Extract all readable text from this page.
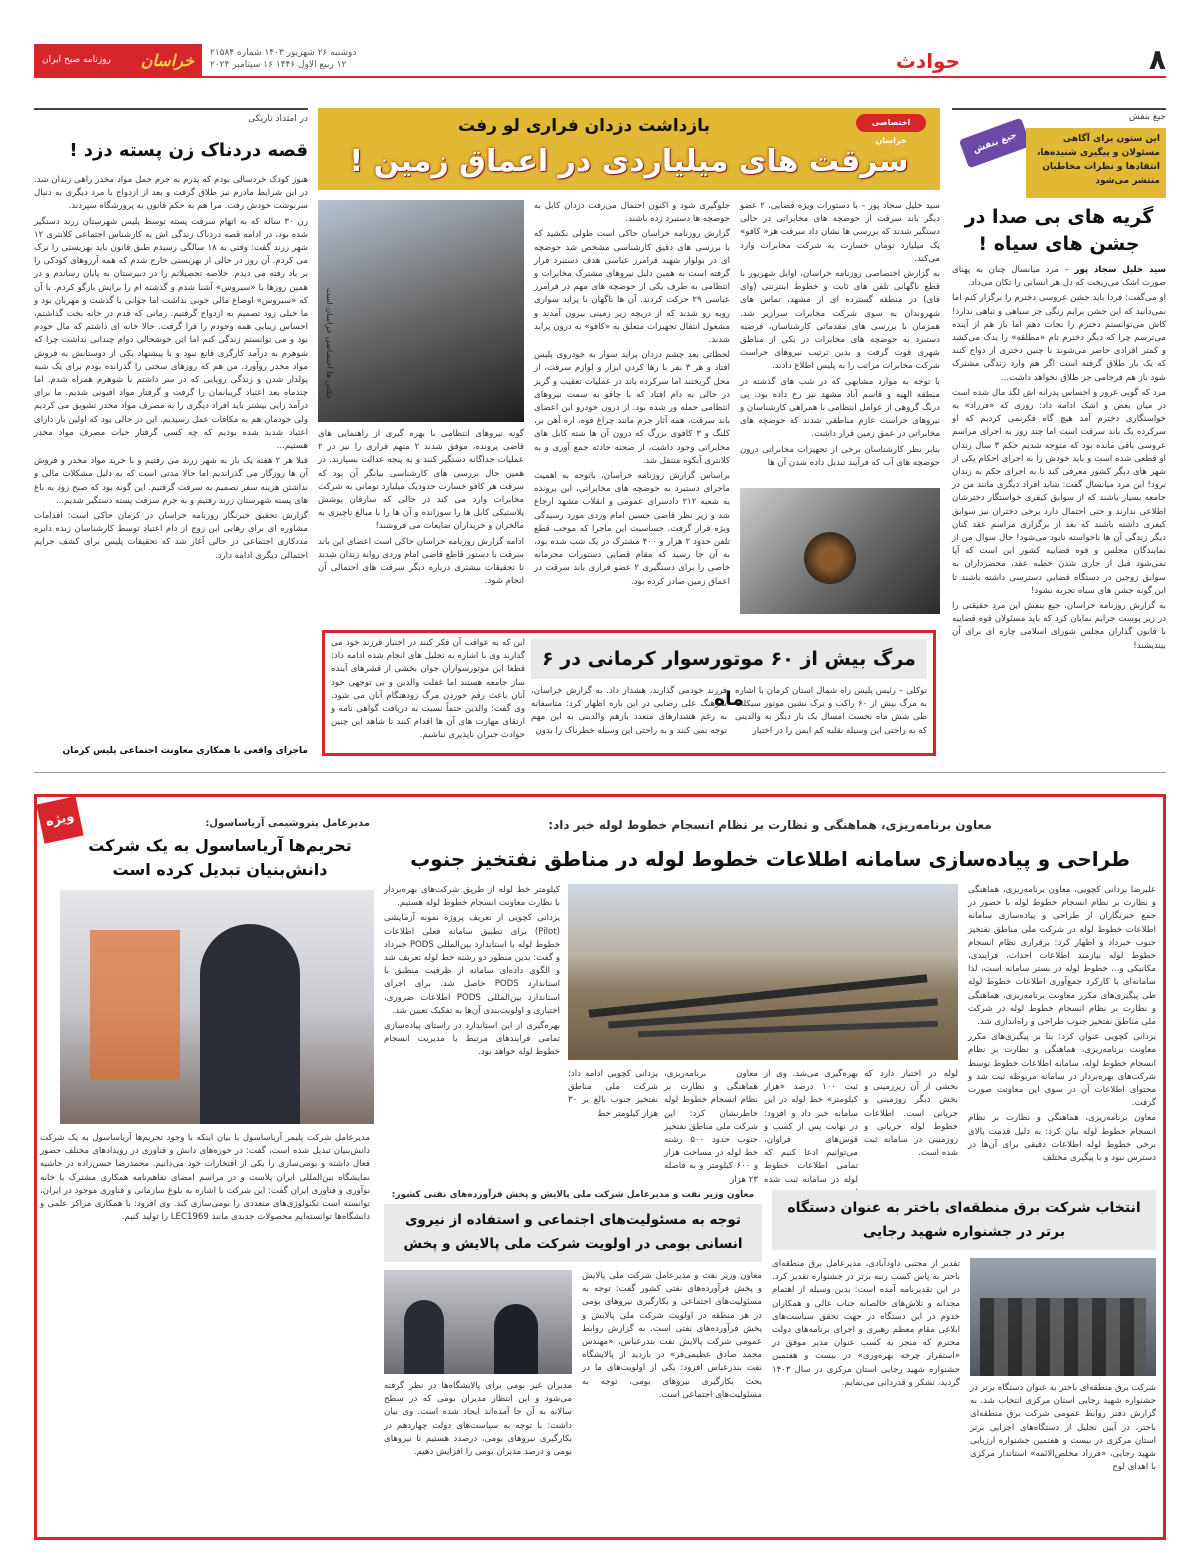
۸
حوادث
دوشنبه ۲۶ شهریور ۱۴۰۳ شماره ۲۱۵۸۴
۱۲ ربیع الاول ۱۴۴۶ ۱۶ سپتامبر ۲۰۲۴
خراسان
روزنامه صبح ایران
جیغ بنفش
جیغ بنفش	این ستون برای آگاهی مسئولان و پیگیری شنیده‌ها، انتقادها و نظرات مخاطبان منتشر می‌شود
گریه های بی صدا در جشن های سیاه !

سید خلیل سجاد پور – مرد میانسال چنان به پهنای صورت اشک می‌ریخت که دل هر انسانی را تکان می‌داد.

او می‌گفت: فردا باید جشن عروسی دخترم را برگزار کنم اما نمی‌دانید که این جشن برایم رنگی جز سیاهی و تباهی ندارد! کاش می‌توانستم دخترم را نجات دهم اما باز هم از آینده می‌ترسم چرا که دیگر دخترم تام «مطلقه» را یدک می‌کشد و کمتر افرادی حاضر می‌شوند با چنین دختری از دواج کنند که یک بار طلاق گرفته است اگر هم وارد زندگی مشترک شود باز هم فرجامی جز طلاق نخواهد داشت...

مرد که گویی غرور و احساس پدرانه اش لگد مال شده است در میان بغض و اشک ادامه داد: روزی که «فرزاد» به خواستگاری دخترم آمد هیچ گاه فکرنمی کردیم که او سرکرده یک باند سرقت است اما چند روز به اجرای مراسم عروسی باقی مانده بود که متوجه شدیم حکم ۳ سال زندان او قطعی شده است و باید خودش را به اجرای احکام یکی از شهر های دیگر کشور معرفی کند تا به اجرای حکم به زندان برود! این مرد میانسال گفت: شاید افراد دیگری مانند من در جامعه بسیار باشند که از سوابق کیفری خواستگار دخترشان اطلاعی ندارند و حتی احتمال دارد برخی دختران نیز سوابق کیفری داشته باشند که بعد از برگزاری مراسم عقد کنان دیگر زندگی آن ها ناخواسته نابود می‌شود! حال سوال من از نمایندگان مجلس و قوه قضاییه کشور این است که آیا نمی‌شود قبل از جاری شدن خطبه عقد، محضرداران به سوابق زوجین در دستگاه قضایی دسترسی داشته باشند تا این گونه جشن های سیاه تجربه نشود!

به گزارش روزنامه خراسان، جیغ بنفش این مرد حقیقتی را در زیر پوست جرایم نمایان کرد که باید مسئولان قوه قضاییه با قانون گذاران مجلس شورای اسلامی چاره ای برای آن بیندیشند!

بازداشت دزدان فراری لو رفت
سرقت های میلیاردی در اعماق زمین !
اختصاصی خراسان

سید خلیل سجاد پور – با دستورات ویژه قضایی، ۲ عضو دیگر باند سرقت از حوضچه های مخابراتی در حالی دستگیر شدند که بررسی ها نشان داد سرقت هر« کافو» یک میلیارد تومان خسارت به شرکت مخابرات وارد می‌کند.

به گزارش اختصاصی روزنامه خراسان، اوایل شهریور با قطع ناگهانی تلفن های ثابت و خطوط اینترنتی (وای فای) در منطقه گسترده ای از مشهد، تماس های شهروندان به سوی شرکت مخابرات سرازیر شد. همزمان با بررسی های مقدماتی کارشناسان، فرضیه دستبرد به حوضچه های مخابرات در یکی از مناطق شهری قوت گرفت و بدین ترتیب نیروهای حراست شرکت مخابرات مراتب را به پلیس اطلاع دادند.

با توجه به موارد مشابهی که در شب های گذشته در منطقه الهیه و قاسم آباد مشهد نیز رخ داده بود، پی درنگ گروهی از عوامل انتظامی با همراهی کارشناسان و نیروهای حراست عازم مناطقی شدند که حوضچه های مخابراتی در عمق زمین قرار داشت.

بنابر نظر کارشناسان برخی از تجهیزات مخابراتی درون حوضچه های آب که فرآیند تبدیل داده شدن آن ها

جلوگیری شود و اکنون احتمال می‌رفت دزدان کابل به حوضچه ها دستبرد زده باشند.

گزارش روزنامه خراسان حاکی است طولی نکشید که با بررسی های دقیق کارشناسی مشخص شد حوضچه ای در بولوار شهید فرامرز عباسی هدف دستبرد قرار گرفته است به همین دلیل نیروهای مشترک مخابرات و انتظامی به طرف یکی از حوضچه های مهم در فرامرز عباسی ۲۹ حرکت کردند. آن ها ناگهان با پراید سواری روبه رو شدند که از دریچه زیر زمینی بیرون آمدند و مشغول انتقال تجهیزات متعلق به «کافو» به درون پراید شدند.

لحظاتی بعد چشم دزدان پراید سوار به خودروی پلیس افتاد و هر ۳ نفر با رها کردن ابزار و لوازم سرقت، از محل گریختند اما سرکرده باند در عملیات تعقیب و گریز در حالی به دام افتاد که با چاقو به سمت نیروهای انتظامی حمله ور شده بود. از درون خودرو این اعضای باند سرقت، همه آثار جرم مانند چراغ قوه، اره آهن بر، کلنگ و ۳ کافوی بزرگ که درون آن ها شته کابل های مخابراتی وجود داشت، از صحنه حادثه جمع آوری و به کلانتری آبکوه منتقل شد.

براساس گزارش روزنامه خراسان، باتوجه به اهمیت ماجرای دستبرد به حوضچه های مخابراتی، این پرونده به شعبه ۲۱۲ دادسرای عمومی و انقلاب مشهد ارجاع شد و زیر نظر قاضی حسین امام وردی مورد رسیدگی ویژه قرار گرفت. حساسیت این ماجرا که موجب قطع تلفن حدود ۲ هزار و ۴۰۰ مشترک در یک شب شده بود، به آن جا رسید که مقام قضایی دستورات محرمانه خاصی را برای دستگیری ۲ عضو فراری باند سرقت در اعماق زمین صادر کرده بود.

عکس ها اختصاصی خراسان است

گونه نیروهای انتظامی با بهره گیری از راهنمایی های قاضی پرونده، موفق شدند ۲ متهم فراری را نیز در ۲ عملیات جداگانه دستگیر کنند و به پنجه عدالت بسپارند. در همین حال بررسی های کارشناسی بیانگر آن بود که سرقت هر کافو خسارت حدودیک میلیارد تومانی به شرکت مخابرات وارد می کند در حالی که سارقان پوشش پلاستیکی کابل ها را سوزانده و آن ها را با مبالغ ناچیزی به مالخران و خریداران ضایعات می فروشند!

ادامه گزارش روزنامه خراسان حاکی است اعضای این باند سرقت با دستور قاطع قاضی امام وردی روانه زندان شدند تا تحقیقات بیشتری درباره دیگر سرقت های احتمالی آن انجام شود.

مرگ بیش از ۶۰ موتورسوار کرمانی در ۶ ماه
توکلی – رئیس پلیس راه شمال استان کرمان با اشاره به مرگ بیش از ۶۰ راکب و ترک نشین موتور سیکلت طی شش ماه نخست امسال یک بار دیگر به والدینی که به راحتی این وسیله نقلیه کم ایمن را در اختیار
فرزند خودمی گذارند، هشدار داد. به گزارش خراسان، سرهنگ علی رضایی در این باره اظهار کرد: متاسفانه به رغم هشدارهای متعدد بازهم والدینی به این مهم توجه نمی کنند و به راحتی این وسیله خطرناک را بدون
این که به عواقب آن فکر کنند در اختیار فرزند خود می گذارند وی با اشاره به تحلیل های انجام شده ادامه داد: قطعا این موتورسواران جوان بخشی از قشرهای آینده ساز جامعه هستند اما غفلت والدین و بی توجهی خود آنان باعث رقم خوردن مرگ زودهنگام آنان می شود. وی گفت: والدین حتماً نسبت به دریافت گواهی نامه و ارتقای مهارت های آن ها اقدام کنند تا شاهد این چنین حوادث جبران ناپذیری نباشیم.
در امتداد تاریکی
قصه دردناک زن پسته دزد !

هنوز کودک خردسالی بودم که پدرم به جرم حمل مواد مخدر راهی زندان شد. در این شرایط مادرم نیز طلاق گرفت و بعد از ازدواج با مرد دیگری به دنبال سرنوشت خودش رفت. مرا هم به حکم قانون به پرورشگاه سپردند.

زن ۳۰ ساله که به اتهام سرقت پسته توسط پلیس شهرستان زرند دستگیر شده بود، در ادامه قصه دردناک زندگی اش به کارشناس اجتماعی کلانتری ۱۲ شهر زرند گفت: وقتی به ۱۸ سالگی رسیدم طبق قانون باید بهزیستی را ترک می کردم. آن روز در حالی از بهزیستی خارج شدم که همه آرزوهای کودکی را بر باد رفته می دیدم. خلاصه تحصیلاتم را در دبیرستان به پایان رساندم و در همین روزها با «سیروس» آشنا شدم و گذشته ام را برایش بازگو کردم. با آن که «سیروس» اوضاع مالی خوبی نداشت اما جوانی با گذشت و مهربان بود و ما خیلی زود تصمیم به ازدواج گرفتیم. زمانی که قدم در خانه بخت گذاشتم، احساس زیبایی همه وجودم را فرا گرفت. حالا خانه ای داشتم که مال خودم بود و می توانستم زندگی کنم اما این خوشحالی دوام چندانی نداشت چرا که شوهرم به درآمد کارگری قانع نبود و با پیشنهاد یکی از دوستانش به فروش مواد مخدر روآورد. من هم که روزهای سختی را گذرانده بودم برای یک شبه پولدار شدن و زندگی رویایی که در سر داشتم با شوهرم همراه شدم. اما چندماه بعد اعتیاد گریبانمان را گرفت و گرفتار مواد افیونی شدیم. ما برای درآمد زایی بیشتر باید افراد دیگری را به مصرف مواد مخدر تشویق می کردیم ولی خودمان هم به مکافات عمل رسیدیم. این در حالی بود که اولین بار دارای اعتیاد شدید شده بودیم که چه کسی گرفتار حیات مصرف مواد مخدر هستیم...

قبلا هر ۲ هفته یک بار به شهر زرند می رفتیم و با خرید مواد مخدر و فروش آن ها روزگار می گذراندیم اما حالا مدتی است که به دلیل مشکلات مالی و نداشتن هزینه سفر تصمیم به سرقت گرفتیم. این گونه بود که صبح زود به باغ های پسته شهرستان زرند رفتیم و به جرم سرقت پسته دستگیر شدیم...

گزارش تحقیق خبرنگار روزنامه خراسان در کرمان حاکی است: اقدامات مشاوره ای برای رهایی این زوج از دام اعتیاد توسط کارشناسان زبده دایره مددکاری اجتماعی در حالی آغاز شد که تحقیقات پلیس برای کشف جرایم احتمالی دیگری ادامه دارد.

ماجرای واقعی با همکاری معاونت اجتماعی پلیس کرمان
معاون برنامه‌ریزی، هماهنگی و نظارت بر نظام انسجام خطوط لوله خبر داد:
طراحی و پیاده‌سازی سامانه اطلاعات خطوط لوله در مناطق نفتخیز جنوب

علیرضا یزدانی کچویی، معاون برنامه‌ریزی، هماهنگی و نظارت بر نظام انسجام خطوط لوله با حضور در جمع خبرنگاران از طراحی و پیاده‌سازی سامانه اطلاعات خطوط لوله در شرکت ملی مناطق نفتخیز جنوب خبرداد و اظهار کرد: برقراری نظام انسجام خطوط لوله نیازمند اطلاعات احداث، فرایندی، مکانیکی و... خطوط لوله در بستر سامانه است، لذا سامانه‌ای با کارکرد جمع‌آوری اطلاعات خطوط لوله طی پیگیری‌های مکرر معاونت برنامه‌ریزی، هماهنگی و نظارت بر نظام انسجام خطوط لوله در شرکت ملی مناطق نفتخیز جنوب طراحی و راه‌اندازی شد.

یزدانی کچویی عنوان کرد: بنا بر پیگیری‌های مکرر معاونت برنامه‌ریزی، هماهنگی و نظارت بر نظام انسجام خطوط لوله، سامانه اطلاعات خطوط توسط شرکت‌های بهره‌بردار در سامانه مربوطه ثبت شد و محتوای اطلاعات آن در سوی این معاونت صورت گرفت.

معاون برنامه‌ریزی، هماهنگی و نظارت بر نظام انسجام خطوط لوله بیان کرد: به دلیل قدمت بالای برخی خطوط لوله اطلاعات دقیقی برای آن‌ها در دسترس نبود و با پیگیری مختلف

لوله در اختیار دارد که بخشی از آن زیرزمینی و بخش دیگر روزمینی و جریانی است. اطلاعات خطوط لوله جریانی و روزمینی در سامانه ثبت شده است.
بهره‌گیری می‌شد. وی از ثبت ۱۰۰ درصد «هزار کیلومتر» خط لوله در این سامانه خبر داد و افزود: در نهایت پس از کسب و قوس‌های فراوان، می‌توانیم ادعا کنیم که تمامی اطلاعات خطوط لوله در سامانه ثبت شده
معاون برنامه‌ریزی، هماهنگی و نظارت بر نظام انسجام خطوط لوله خاطرنشان کرد: این شرکت ملی مناطق نفتخیز جنوب حدود ۵۰۰ رشته خط لوله در مساحت هزار و ۶۰۰ کیلومتر و به فاصله ۲۳ هزار
یزدانی کچویی ادامه داد: شرکت ملی مناطق نفتخیز جنوب بالغ بر ۳۰ هزار کیلومتر خط

کیلومتر خط لوله از طریق شرکت‌های بهره‌بردار با نظارت معاونت انسجام خطوط لوله هستیم.

یزدانی کچویی از تعریف پروژه نمونه آزمایشی (Pilot) برای تطبیق سامانه فعلی اطلاعات خطوط لوله با استاندارد بین‌المللی PODS خبرداد و گفت: بدین منظور دو رشته خط لوله تعریف شد و الگوی داده‌ای سامانه از ظرفیت منطبق با استاندارد PODS حاصل شد. برای اجرای استاندارد بین‌المللی PODS اطلاعات ضروری، اختیاری و اولویت‌بندی آن‌ها به تفکیک تعیین شد.

بهره‌گیری از این استاندارد در راستای پیاده‌سازی تمامی فرایندهای مرتبط با مدیریت انسجام خطوط لوله خواهد بود.

ویژه	مدیرعامل پتروشیمی آریاساسول:
تحریم‌ها آریاساسول به یک شرکت دانش‌بنیان تبدیل کرده است
مدیرعامل شرکت پلیمر آریاساسول با بیان اینکه با وجود تحریم‌ها آریاساسول به یک شرکت دانش‌بنیان تبدیل شده است، گفت: در حوزه‌های دانش و فناوری در رویدادهای مختلف حضور فعال داشته و بومی‌سازی را یکی از افتخارات خود می‌دانیم. محمدرضا حسن‌زاده در حاشیه نمایشگاه بین‌المللی ایران پلاست و در مراسم امضای تفاهم‌نامه همکاری مشترک با خانه نوآوری و فناوری ایران گفت: این شرکت با اشاره به بلوغ سازمانی و فناوری موجود در ایران، توانسته است تکنولوژی‌های متعددی را بومی‌سازی کند. وی افزود: با همکاری مراکز علمی و دانشگاه‌ها توانسته‌ایم محصولات جدیدی مانند LEC1969 را تولید کنیم.
انتخاب شرکت برق منطقه‌ای باختر به عنوان دستگاه برتر در جشنواره شهید رجایی
شرکت برق منطقه‌ای باختر به عنوان دستگاه برتر در جشنواره شهید رجایی استان مرکزی انتخاب شد. به گزارش دفتر روابط عمومی شرکت برق منطقه‌ای باختر، در آیین تجلیل از دستگاه‌های اجرایی برتر استان مرکزی در بیست و هفتمین جشنواره ارزیابی شهید رجایی، «فرزاد مخلص‌الائمه» استاندار مرکزی با اهدای لوح
تقدیر از مجتبی داودآبادی، مدیرعامل برق منطقه‌ای باختر به پاس کسب رتبه برتر در جشنواره تقدیر کرد. در این تقدیرنامه آمده است: بدین وسیله از اهتمام مجدانه و تلاش‌های خالصانه جناب عالی و همکاران خدوم در این دستگاه در جهت تحقق سیاست‌های ابلاغی مقام معظم رهبری و اجرای برنامه‌های دولت محترم که منجر به کسب عنوان مدیر موفق در «استقرار چرخه بهره‌وری» در بیست و هفتمین جشنواره شهید رجایی استان مرکزی در سال ۱۴۰۳ گردید، تشکر و قدردانی می‌نمایم.
معاون وزیر نفت و مدیرعامل شرکت ملی پالایش و پخش فرآورده‌های نفتی کشور:
توجه به مسئولیت‌های اجتماعی و استفاده از نیروی انسانی بومی در اولویت شرکت ملی پالایش و پخش
معاون وزیر نفت و مدیرعامل شرکت ملی پالایش و پخش فرآورده‌های نفتی کشور گفت: توجه به مسئولیت‌های اجتماعی و بکارگیری نیروهای بومی در هر منطقه در اولویت شرکت ملی پالایش و پخش فرآورده‌های نفتی است. به گزارش روابط عمومی شرکت پالایش نفت بندرعباس، «مهندس محمد صادق عظیمی‌فر» در بازدید از پالایشگاه نفت بندرعباس افزود: یکی از اولویت‌های ما در بحث بکارگیری نیروهای بومی، توجه به مسئولیت‌های اجتماعی است.
مدیران غیر بومی برای پالایشگاه‌ها در نظر گرفته می‌شود و این انتظار مدیران بومی که در سطح سالانه به آن جا آمده‌اند ایجاد شده است. وی بیان داشت: با توجه به سیاست‌های دولت چهاردهم در بکارگیری نیروهای بومی، درصدد هستیم تا نیروهای بومی و درصد مدیران بومی را افزایش دهیم.
